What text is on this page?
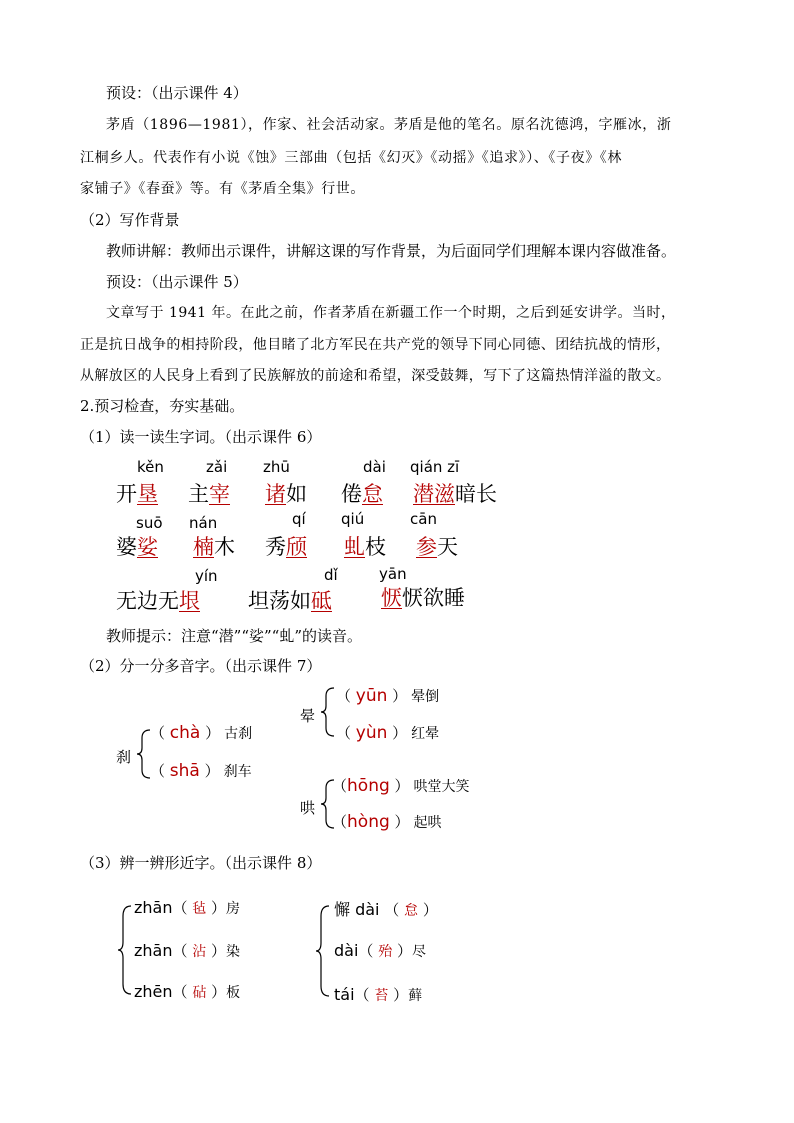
预设：（出示课件 4）
茅盾（1896—1981），作家、社会活动家。茅盾是他的笔名。原名沈德鸿，字雁冰，浙
江桐乡人。代表作有小说《蚀》三部曲（包括《幻灭》《动摇》《追求》）、《子夜》《林
家铺子》《春蚕》等。有《茅盾全集》行世。
（2）写作背景
教师讲解：教师出示课件，讲解这课的写作背景，为后面同学们理解本课内容做准备。
预设：（出示课件 5）
文章写于 1941 年。在此之前，作者茅盾在新疆工作一个时期，之后到延安讲学。当时，
正是抗日战争的相持阶段，他目睹了北方军民在共产党的领导下同心同德、团结抗战的情形，
从解放区的人民身上看到了民族解放的前途和希望，深受鼓舞，写下了这篇热情洋溢的散文。
2.预习检查，夯实基础。
（1）读一读生字词。（出示课件 6）
kěn	zǎi zhū	dài qián zī
开垦 主宰 诸如 倦怠 潜滋暗长
suō nán	qí qiú	cān
婆娑 楠木 秀颀 虬枝 参天
yín	dǐ	yān
无边无垠 坦荡如砥 恹恹欲睡
教师提示：注意“潜”“娑”“虬”的读音。
（2）分一分多音字。（出示课件 7）
刹
（ chà ） 古刹
（ shā ） 刹车
晕
（ yūn ） 晕倒
（ yùn ） 红晕
哄
（hōng ） 哄堂大笑
（hòng ） 起哄
（3）辨一辨形近字。（出示课件 8）
zhān（ 毡 ）房
zhān（ 沾 ）染
zhēn（ 砧 ）板
懈 dài （ 怠 ）
dài（ 殆 ）尽
tái（ 苔 ）藓
